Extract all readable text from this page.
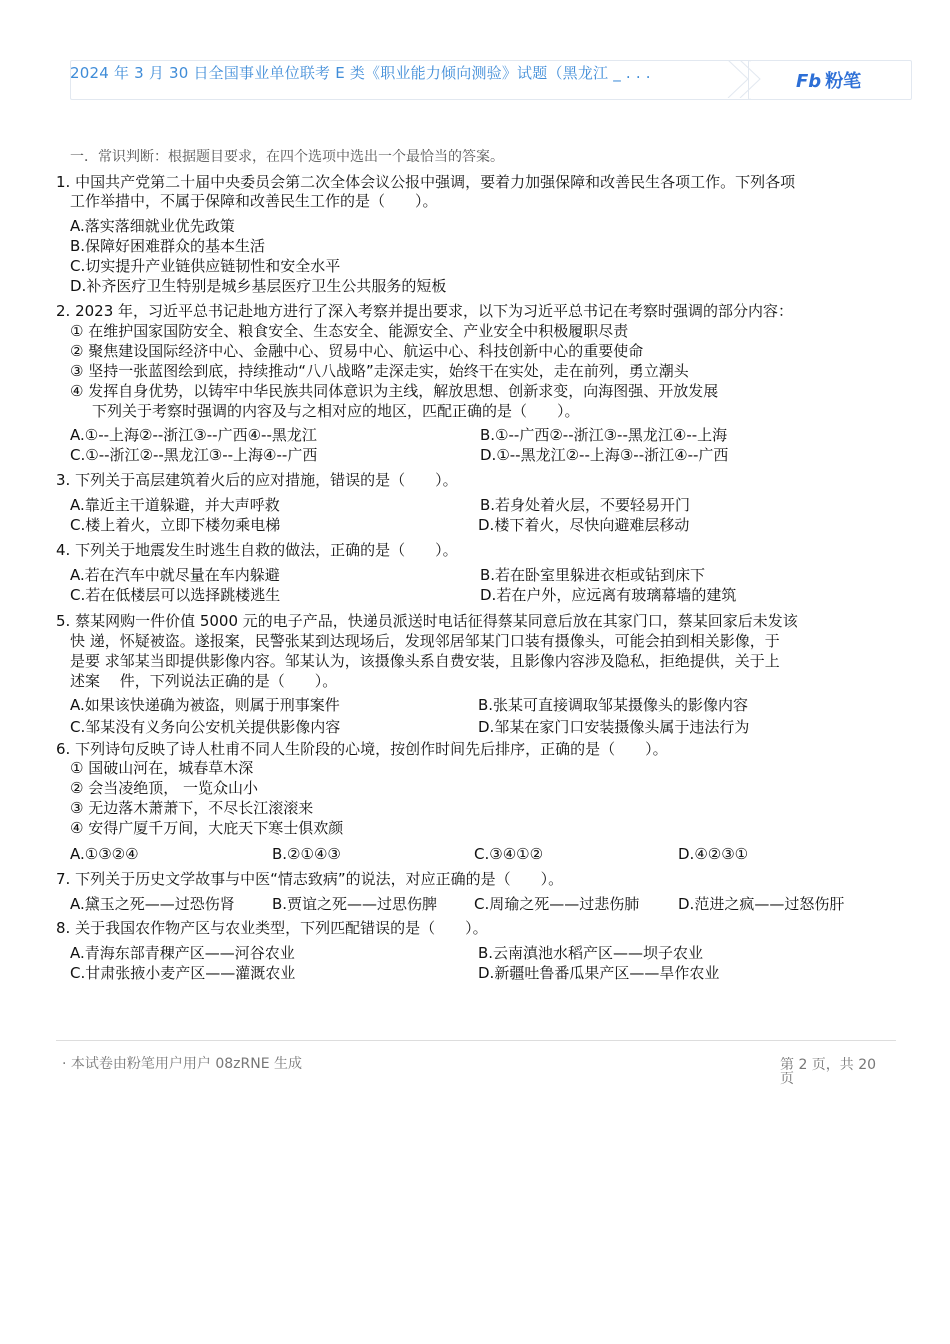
2024 年 3 月 30 日全国事业单位联考 E 类《职业能力倾向测验》试题（黑龙江 _ . . .	Fb 粉笔
一．常识判断：根据题目要求，在四个选项中选出一个最恰当的答案。
1. 中国共产党第二十届中央委员会第二次全体会议公报中强调，要着力加强保障和改善民生各项工作。下列各项
工作举措中，不属于保障和改善民生工作的是（　　）。
A.落实落细就业优先政策
B.保障好困难群众的基本生活
C.切实提升产业链供应链韧性和安全水平
D.补齐医疗卫生特别是城乡基层医疗卫生公共服务的短板
2. 2023 年，习近平总书记赴地方进行了深入考察并提出要求，以下为习近平总书记在考察时强调的部分内容：
① 在维护国家国防安全、粮食安全、生态安全、能源安全、产业安全中积极履职尽责
② 聚焦建设国际经济中心、金融中心、贸易中心、航运中心、科技创新中心的重要使命
③ 坚持一张蓝图绘到底，持续推动“八八战略”走深走实，始终干在实处，走在前列，勇立潮头
④ 发挥自身优势，以铸牢中华民族共同体意识为主线，解放思想、创新求变，向海图强、开放发展
下列关于考察时强调的内容及与之相对应的地区，匹配正确的是（　　）。
A.①--上海②--浙江③--广西④--黑龙江	B.①--广西②--浙江③--黑龙江④--上海
C.①--浙江②--黑龙江③--上海④--广西	D.①--黑龙江②--上海③--浙江④--广西
3. 下列关于高层建筑着火后的应对措施，错误的是（　　）。
A.靠近主干道躲避，并大声呼救	B.若身处着火层，不要轻易开门
C.楼上着火，立即下楼勿乘电梯	D.楼下着火，尽快向避难层移动
4. 下列关于地震发生时逃生自救的做法，正确的是（　　）。
A.若在汽车中就尽量在车内躲避	B.若在卧室里躲进衣柜或钻到床下
C.若在低楼层可以选择跳楼逃生	D.若在户外，应远离有玻璃幕墙的建筑
5. 蔡某网购一件价值 5000 元的电子产品，快递员派送时电话征得蔡某同意后放在其家门口，蔡某回家后未发该
快 递，怀疑被盗。遂报案，民警张某到达现场后，发现邻居邹某门口装有摄像头，可能会拍到相关影像，于
是要 求邹某当即提供影像内容。邹某认为，该摄像头系自费安装，且影像内容涉及隐私，拒绝提供，关于上
述案　 件，下列说法正确的是（　　）。
A.如果该快递确为被盗，则属于刑事案件	B.张某可直接调取邹某摄像头的影像内容
C.邹某没有义务向公安机关提供影像内容	D.邹某在家门口安装摄像头属于违法行为
6. 下列诗句反映了诗人杜甫不同人生阶段的心境，按创作时间先后排序，正确的是（　　）。
① 国破山河在，城春草木深
② 会当凌绝顶， 一览众山小
③ 无边落木萧萧下，不尽长江滚滚来
④ 安得广厦千万间，大庇天下寒士俱欢颜
A.①③②④	B.②①④③	C.③④①②	D.④②③①
7. 下列关于历史文学故事与中医“情志致病”的说法，对应正确的是（　　）。
A.黛玉之死——过恐伤肾 B.贾谊之死——过思伤脾 C.周瑜之死——过悲伤肺	D.范进之疯——过怒伤肝
8. 关于我国农作物产区与农业类型，下列匹配错误的是（　　）。
A.青海东部青稞产区——河谷农业	B.云南滇池水稻产区——坝子农业
C.甘肃张掖小麦产区——灌溉农业	D.新疆吐鲁番瓜果产区——旱作农业
· 本试卷由粉笔用户用户 08zRNE 生成	第 2 页，共 20 页
